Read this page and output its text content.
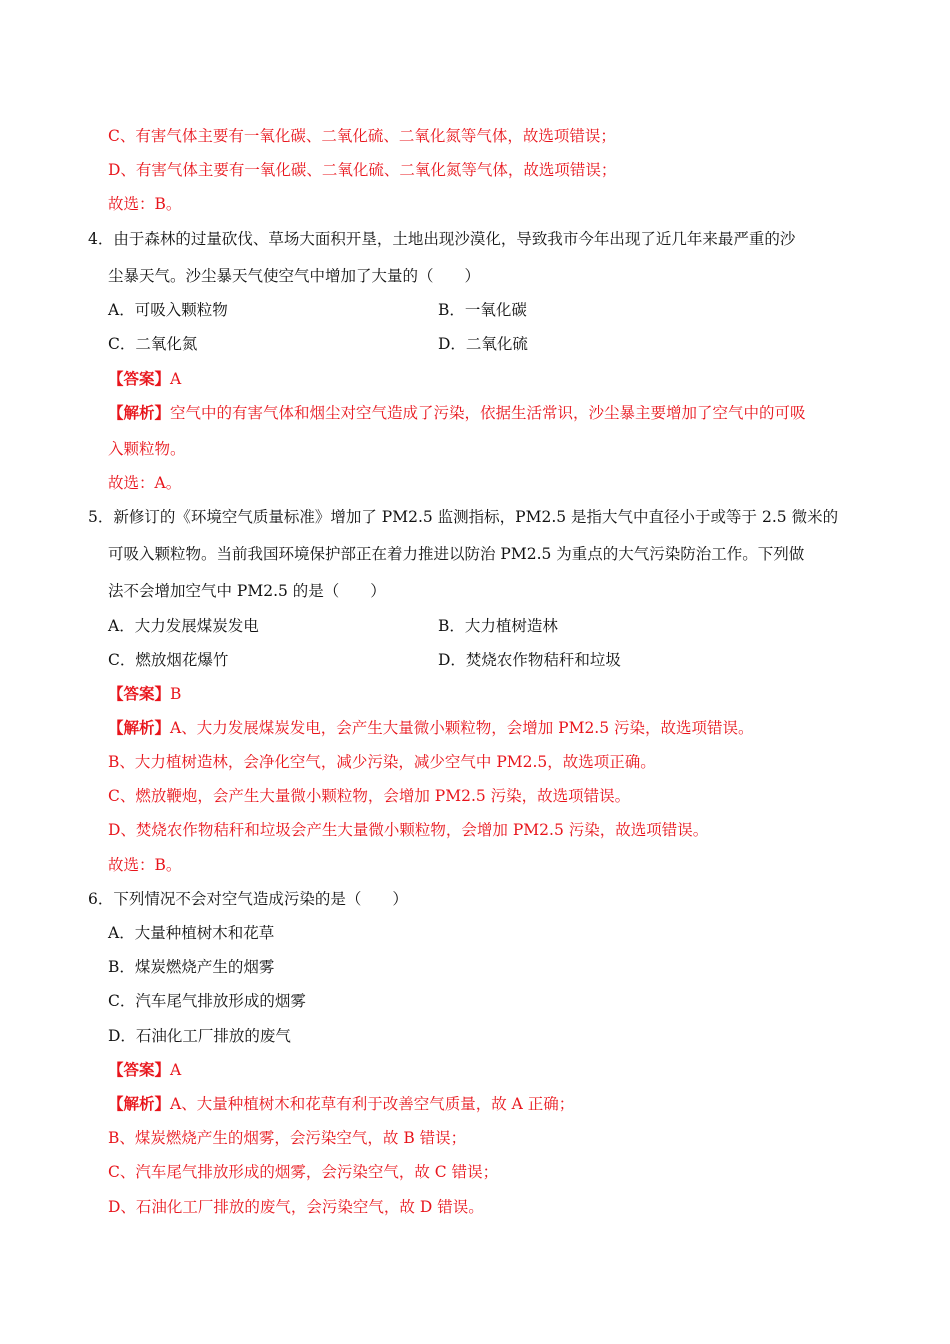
C、有害气体主要有一氧化碳、二氧化硫、二氧化氮等气体，故选项错误；
D、有害气体主要有一氧化碳、二氧化硫、二氧化氮等气体，故选项错误；
故选：B。
4．由于森林的过量砍伐、草场大面积开垦，土地出现沙漠化，导致我市今年出现了近几年来最严重的沙
尘暴天气。沙尘暴天气使空气中增加了大量的（　　）
A．可吸入颗粒物	B．一氧化碳
C．二氧化氮	D．二氧化硫
【答案】A
【解析】空气中的有害气体和烟尘对空气造成了污染，依据生活常识，沙尘暴主要增加了空气中的可吸
入颗粒物。
故选：A。
5．新修订的《环境空气质量标准》增加了 PM2.5 监测指标，PM2.5 是指大气中直径小于或等于 2.5 微米的
可吸入颗粒物。当前我国环境保护部正在着力推进以防治 PM2.5 为重点的大气污染防治工作。下列做
法不会增加空气中 PM2.5 的是（　　）
A．大力发展煤炭发电	B．大力植树造林
C．燃放烟花爆竹	D．焚烧农作物秸秆和垃圾
【答案】B
【解析】A、大力发展煤炭发电，会产生大量微小颗粒物，会增加 PM2.5 污染，故选项错误。
B、大力植树造林，会净化空气，减少污染，减少空气中 PM2.5，故选项正确。
C、燃放鞭炮，会产生大量微小颗粒物，会增加 PM2.5 污染，故选项错误。
D、焚烧农作物秸秆和垃圾会产生大量微小颗粒物，会增加 PM2.5 污染，故选项错误。
故选：B。
6．下列情况不会对空气造成污染的是（　　）
A．大量种植树木和花草
B．煤炭燃烧产生的烟雾
C．汽车尾气排放形成的烟雾
D．石油化工厂排放的废气
【答案】A
【解析】A、大量种植树木和花草有利于改善空气质量，故 A 正确；
B、煤炭燃烧产生的烟雾，会污染空气，故 B 错误；
C、汽车尾气排放形成的烟雾，会污染空气，故 C 错误；
D、石油化工厂排放的废气，会污染空气，故 D 错误。
